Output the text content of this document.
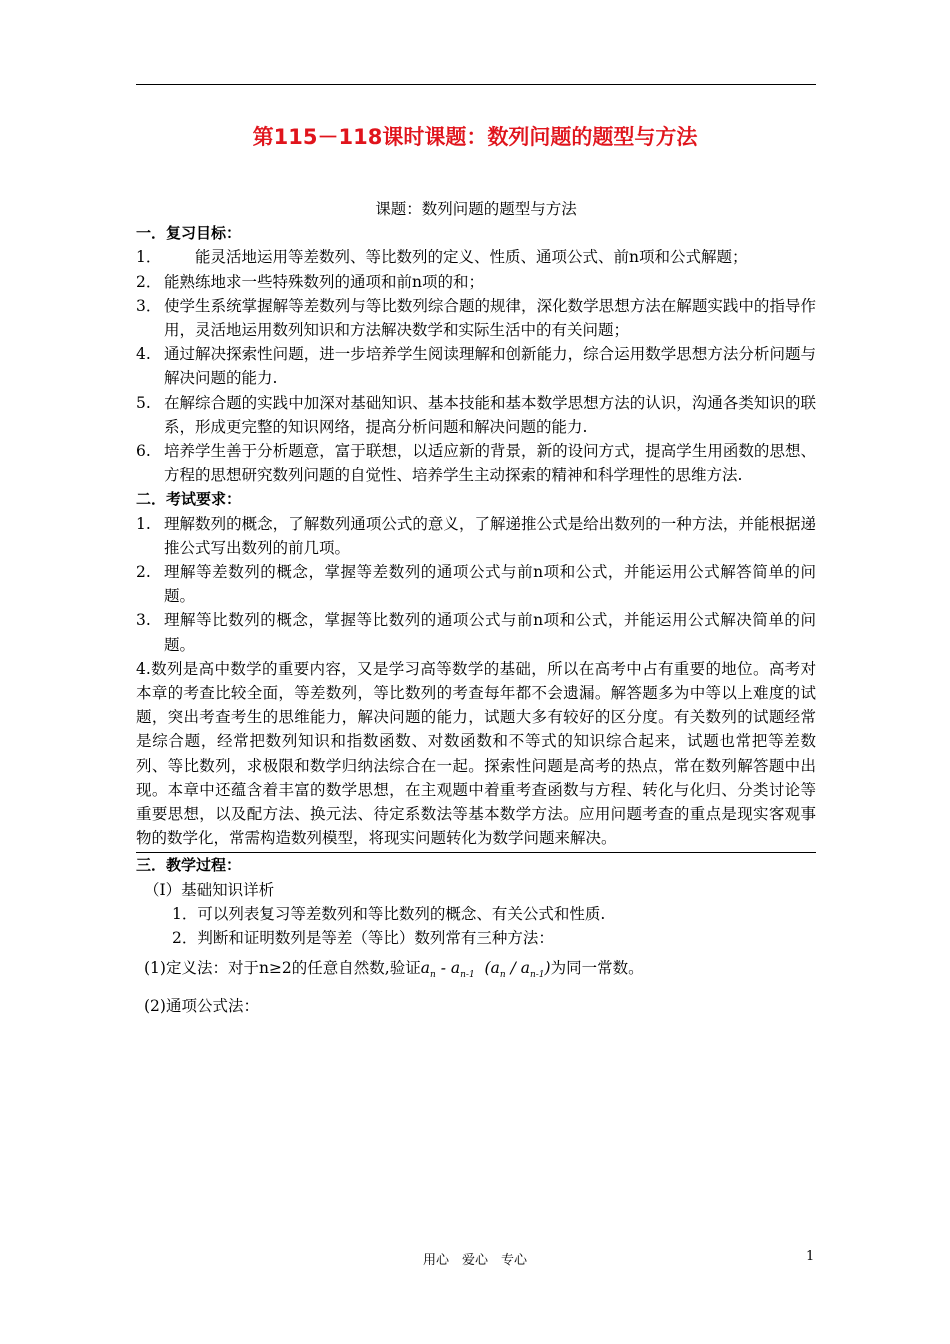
第115－118课时课题：数列问题的题型与方法
课题：数列问题的题型与方法
一．复习目标：
1． 　　能灵活地运用等差数列、等比数列的定义、性质、通项公式、前n项和公式解题；
2． 能熟练地求一些特殊数列的通项和前n项的和；
3． 使学生系统掌握解等差数列与等比数列综合题的规律，深化数学思想方法在解题实践中的指导作用，灵活地运用数列知识和方法解决数学和实际生活中的有关问题；
4. 通过解决探索性问题，进一步培养学生阅读理解和创新能力，综合运用数学思想方法分析问题与解决问题的能力.
5. 在解综合题的实践中加深对基础知识、基本技能和基本数学思想方法的认识，沟通各类知识的联系，形成更完整的知识网络，提高分析问题和解决问题的能力.
6. 培养学生善于分析题意，富于联想，以适应新的背景，新的设问方式，提高学生用函数的思想、方程的思想研究数列问题的自觉性、培养学生主动探索的精神和科学理性的思维方法.
二．考试要求：
1. 理解数列的概念，了解数列通项公式的意义，了解递推公式是给出数列的一种方法，并能根据递推公式写出数列的前几项。
2. 理解等差数列的概念，掌握等差数列的通项公式与前n项和公式，并能运用公式解答简单的问题。
3. 理解等比数列的概念，掌握等比数列的通项公式与前n项和公式，并能运用公式解决简单的问题。
4.数列是高中数学的重要内容，又是学习高等数学的基础，所以在高考中占有重要的地位。高考对本章的考查比较全面，等差数列，等比数列的考查每年都不会遗漏。解答题多为中等以上难度的试题，突出考查考生的思维能力，解决问题的能力，试题大多有较好的区分度。有关数列的试题经常是综合题，经常把数列知识和指数函数、对数函数和不等式的知识综合起来，试题也常把等差数列、等比数列，求极限和数学归纳法综合在一起。探索性问题是高考的热点，常在数列解答题中出现。本章中还蕴含着丰富的数学思想，在主观题中着重考查函数与方程、转化与化归、分类讨论等重要思想，以及配方法、换元法、待定系数法等基本数学方法。应用问题考查的重点是现实客观事物的数学化，常需构造数列模型，将现实问题转化为数学问题来解决。
三．教学过程：
（Ⅰ）基础知识详析
1．可以列表复习等差数列和等比数列的概念、有关公式和性质.
2．判断和证明数列是等差（等比）数列常有三种方法：
(1)定义法：对于n≥2的任意自然数,验证$a_n - a_{n-1}$  $(a_n / a_{n-1})$为同一常数。
(2)通项公式法：
用心　爱心　专心	1
